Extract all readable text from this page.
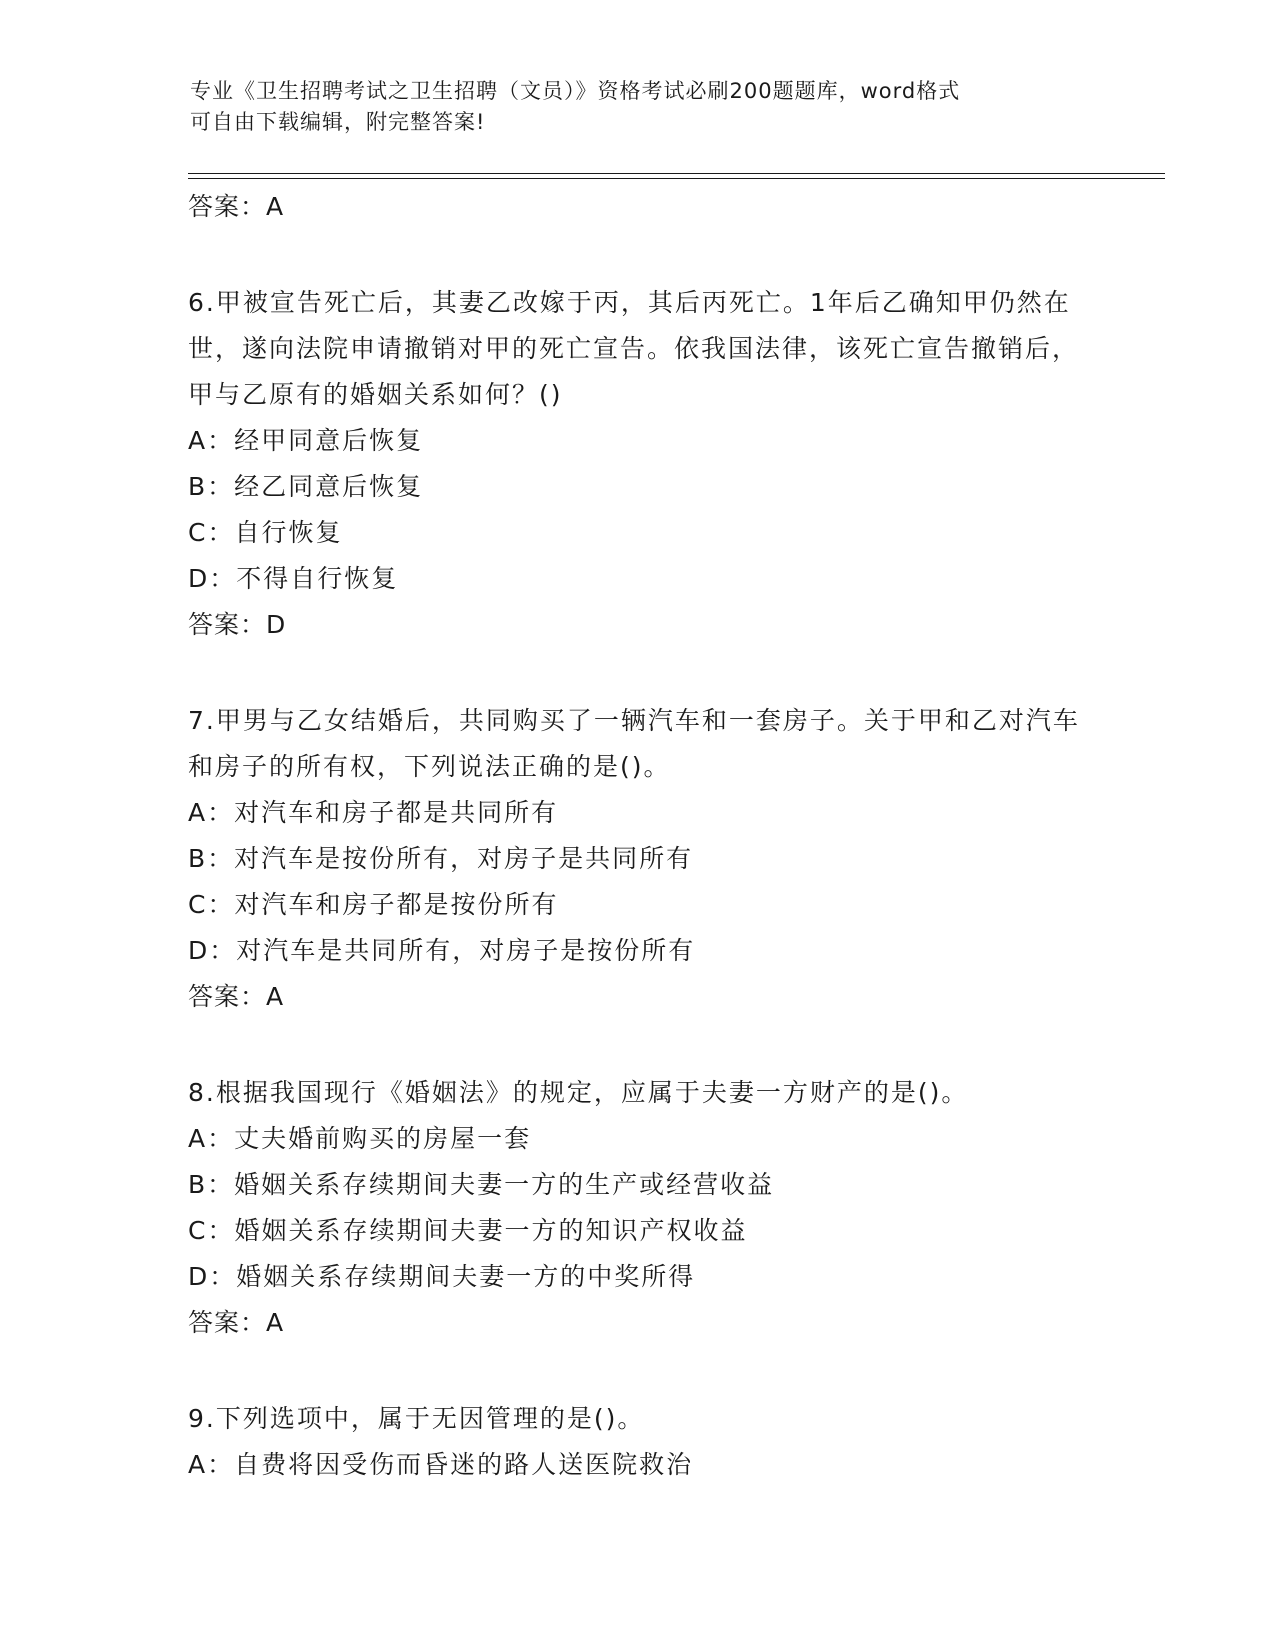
专业《卫生招聘考试之卫生招聘（文员）》资格考试必刷200题题库，word格式
可自由下载编辑，附完整答案!
答案：A
6.甲被宣告死亡后，其妻乙改嫁于丙，其后丙死亡。1年后乙确知甲仍然在世，遂向法院申请撤销对甲的死亡宣告。依我国法律，该死亡宣告撤销后，甲与乙原有的婚姻关系如何？()
A：经甲同意后恢复
B：经乙同意后恢复
C：自行恢复
D：不得自行恢复
答案：D
7.甲男与乙女结婚后，共同购买了一辆汽车和一套房子。关于甲和乙对汽车和房子的所有权，下列说法正确的是()。
A：对汽车和房子都是共同所有
B：对汽车是按份所有，对房子是共同所有
C：对汽车和房子都是按份所有
D：对汽车是共同所有，对房子是按份所有
答案：A
8.根据我国现行《婚姻法》的规定，应属于夫妻一方财产的是()。
A：丈夫婚前购买的房屋一套
B：婚姻关系存续期间夫妻一方的生产或经营收益
C：婚姻关系存续期间夫妻一方的知识产权收益
D：婚姻关系存续期间夫妻一方的中奖所得
答案：A
9.下列选项中，属于无因管理的是()。
A：自费将因受伤而昏迷的路人送医院救治
